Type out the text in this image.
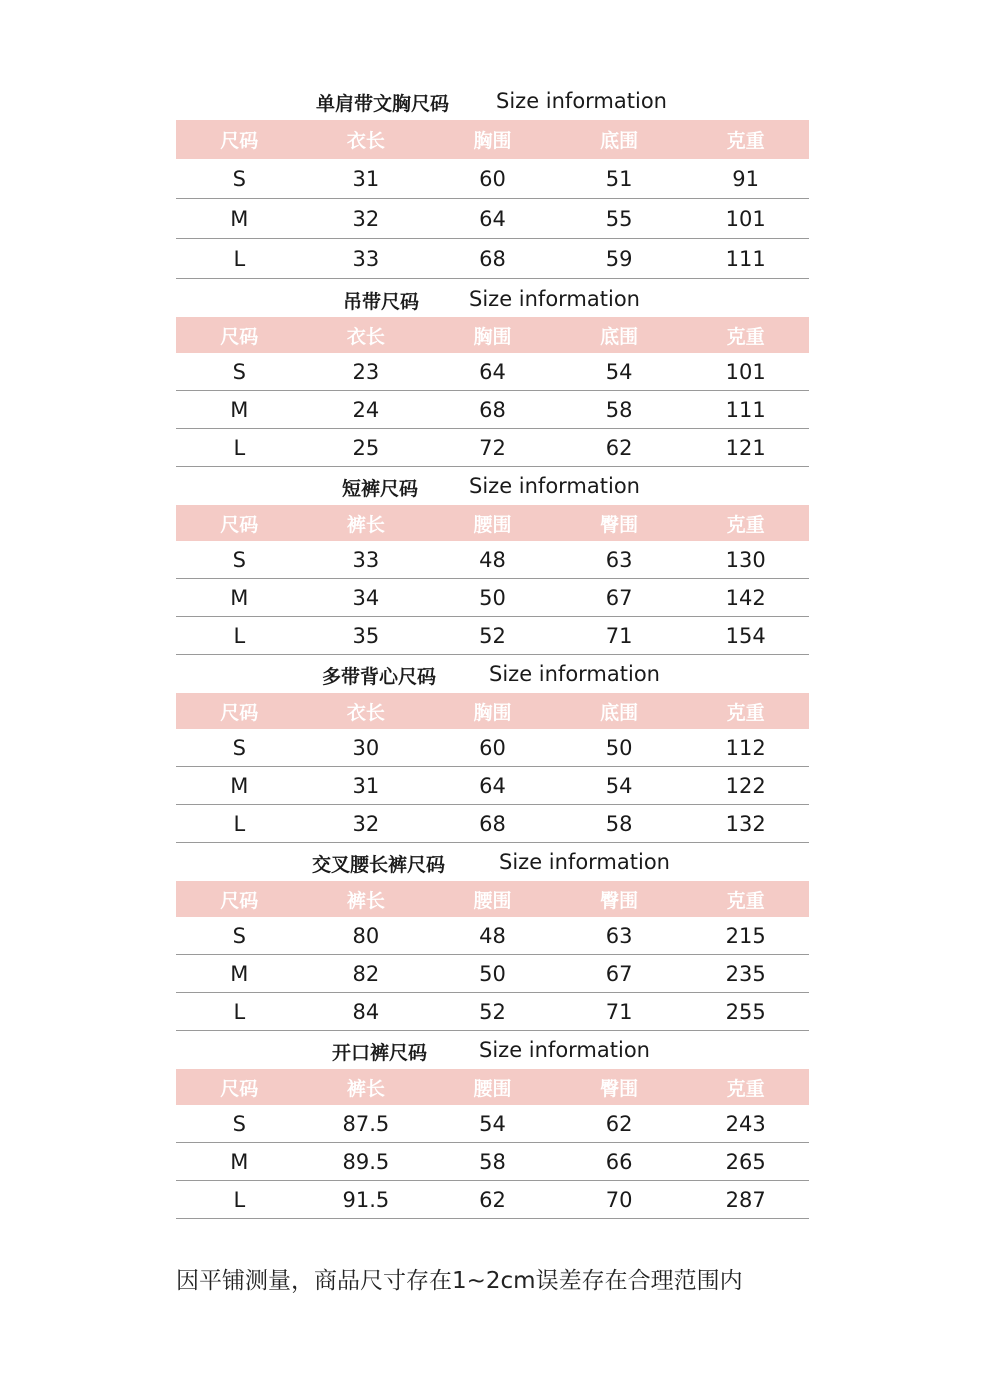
单肩带文胸尺码 Size information
尺码	衣长	胸围	底围	克重
S	31	60	51	91
M	32	64	55	101
L	33	68	59	111
吊带尺码 Size information
尺码	衣长	胸围	底围	克重
S	23	64	54	101
M	24	68	58	111
L	25	72	62	121
短裤尺码 Size information
尺码	裤长	腰围	臀围	克重
S	33	48	63	130
M	34	50	67	142
L	35	52	71	154
多带背心尺码	Size information
尺码	衣长	胸围	底围	克重
S	30	60	50	112
M	31	64	54	122
L	32	68	58	132
交叉腰长裤尺码	Size information
尺码	裤长	腰围	臀围	克重
S	80	48	63	215
M	82	50	67	235
L	84	52	71	255
开口裤尺码 Size information
尺码	裤长	腰围	臀围	克重
S	87.5	54	62	243
M	89.5	58	66	265
L	91.5	62	70	287
因平铺测量，商品尺寸存在1~2cm误差存在合理范围内
